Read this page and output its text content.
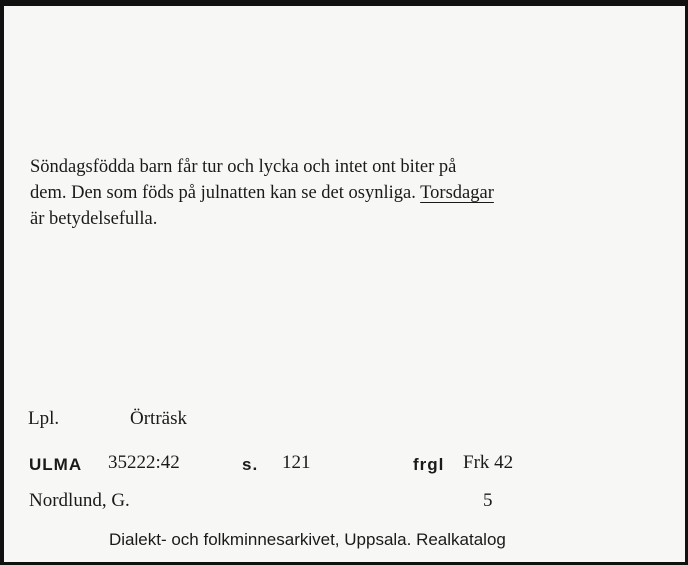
Söndagsfödda barn får tur och lycka och intet ont biter på
dem. Den som föds på julnatten kan se det osynliga. Torsdagar
är betydelsefulla.
Lpl.	Örträsk
ULMA 35222:42	s. 121	frgl Frk 42
Nordlund, G.	5
Dialekt- och folkminnesarkivet, Uppsala. Realkatalog
